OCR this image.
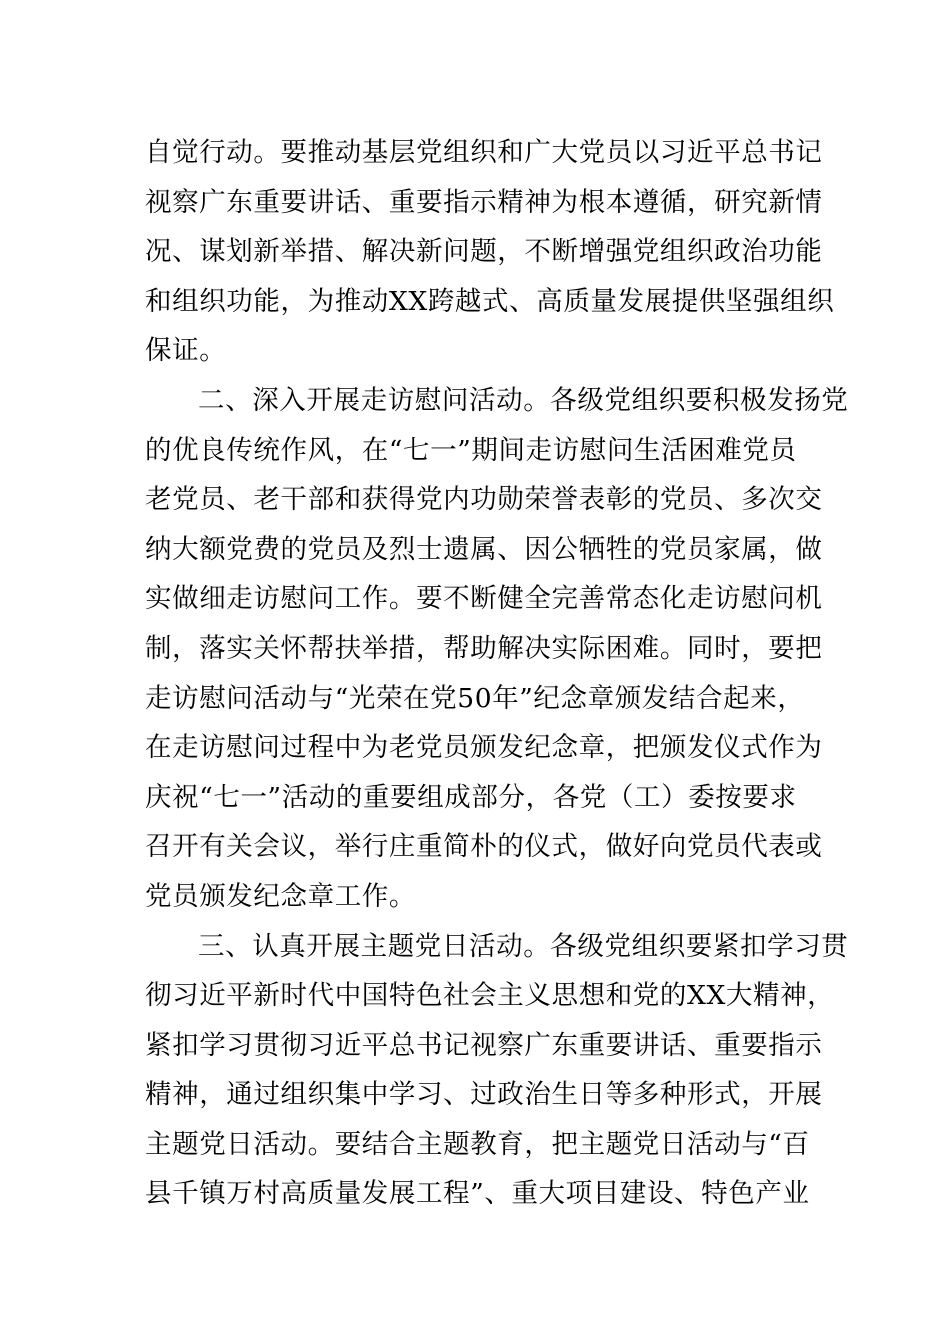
自觉行动。要推动基层党组织和广大党员以习近平总书记
视察广东重要讲话、重要指示精神为根本遵循，研究新情
况、谋划新举措、解决新问题，不断增强党组织政治功能
和组织功能，为推动XX跨越式、高质量发展提供坚强组织
保证。

二、深入开展走访慰问活动。各级党组织要积极发扬党
的优良传统作风，在“七一”期间走访慰问生活困难党员
老党员、老干部和获得党内功勋荣誉表彰的党员、多次交
纳大额党费的党员及烈士遗属、因公牺牲的党员家属，做
实做细走访慰问工作。要不断健全完善常态化走访慰问机
制，落实关怀帮扶举措，帮助解决实际困难。同时，要把
走访慰问活动与“光荣在党50年”纪念章颁发结合起来，
在走访慰问过程中为老党员颁发纪念章，把颁发仪式作为
庆祝“七一”活动的重要组成部分，各党（工）委按要求
召开有关会议，举行庄重简朴的仪式，做好向党员代表或
党员颁发纪念章工作。

三、认真开展主题党日活动。各级党组织要紧扣学习贯
彻习近平新时代中国特色社会主义思想和党的XX大精神，
紧扣学习贯彻习近平总书记视察广东重要讲话、重要指示
精神，通过组织集中学习、过政治生日等多种形式，开展
主题党日活动。要结合主题教育，把主题党日活动与“百
县千镇万村高质量发展工程”、重大项目建设、特色产业
